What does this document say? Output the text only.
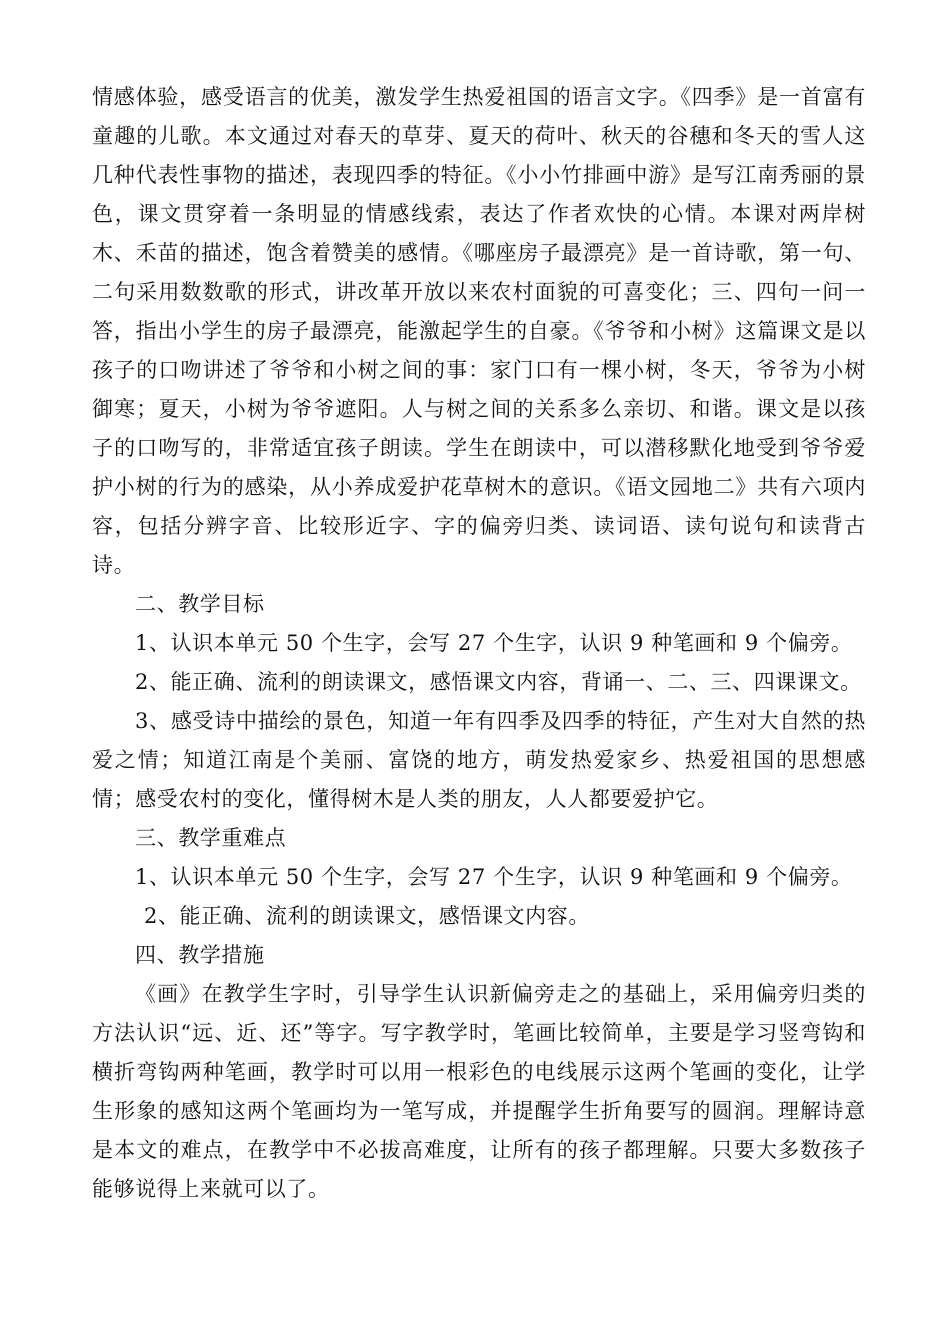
情感体验，感受语言的优美，激发学生热爱祖国的语言文字。《四季》是一首富有童趣的儿歌。本文通过对春天的草芽、夏天的荷叶、秋天的谷穗和冬天的雪人这几种代表性事物的描述，表现四季的特征。《小小竹排画中游》是写江南秀丽的景色，课文贯穿着一条明显的情感线索，表达了作者欢快的心情。本课对两岸树木、禾苗的描述，饱含着赞美的感情。《哪座房子最漂亮》是一首诗歌，第一句、二句采用数数歌的形式，讲改革开放以来农村面貌的可喜变化；三、四句一问一答，指出小学生的房子最漂亮，能激起学生的自豪。《爷爷和小树》这篇课文是以孩子的口吻讲述了爷爷和小树之间的事：家门口有一棵小树，冬天，爷爷为小树御寒；夏天，小树为爷爷遮阳。人与树之间的关系多么亲切、和谐。课文是以孩子的口吻写的，非常适宜孩子朗读。学生在朗读中，可以潜移默化地受到爷爷爱护小树的行为的感染，从小养成爱护花草树木的意识。《语文园地二》共有六项内容，包括分辨字音、比较形近字、字的偏旁归类、读词语、读句说句和读背古诗。

二、教学目标

1、认识本单元 50 个生字，会写 27 个生字，认识 9 种笔画和 9 个偏旁。

2、能正确、流利的朗读课文，感悟课文内容，背诵一、二、三、四课课文。

3、感受诗中描绘的景色，知道一年有四季及四季的特征，产生对大自然的热爱之情；知道江南是个美丽、富饶的地方，萌发热爱家乡、热爱祖国的思想感情；感受农村的变化，懂得树木是人类的朋友，人人都要爱护它。

三、教学重难点

1、认识本单元 50 个生字，会写 27 个生字，认识 9 种笔画和 9 个偏旁。

2、能正确、流利的朗读课文，感悟课文内容。

四、教学措施

《画》在教学生字时，引导学生认识新偏旁走之的基础上，采用偏旁归类的方法认识“远、近、还”等字。写字教学时，笔画比较简单，主要是学习竖弯钩和横折弯钩两种笔画，教学时可以用一根彩色的电线展示这两个笔画的变化，让学生形象的感知这两个笔画均为一笔写成，并提醒学生折角要写的圆润。理解诗意是本文的难点，在教学中不必拔高难度，让所有的孩子都理解。只要大多数孩子能够说得上来就可以了。
